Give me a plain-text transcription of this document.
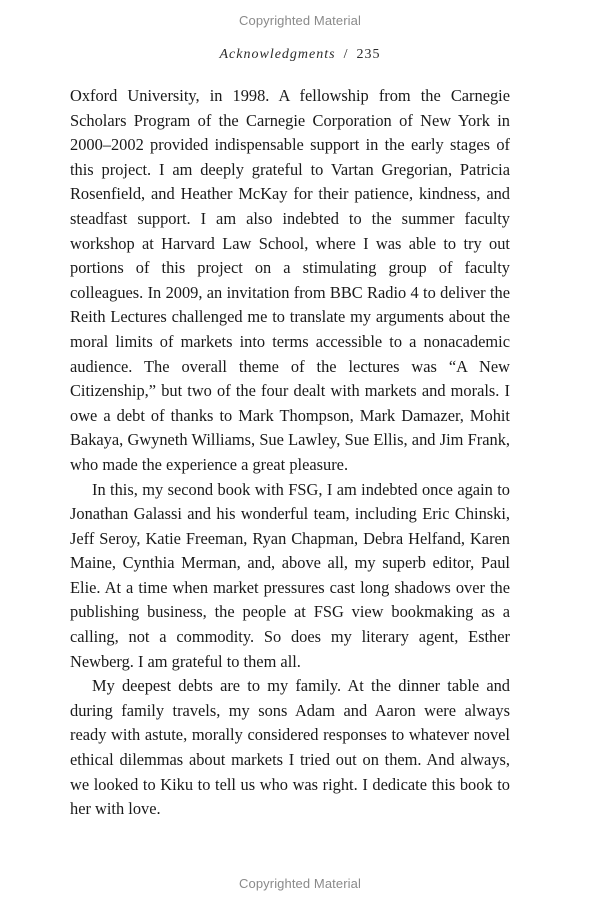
Copyrighted Material
Acknowledgments / 235

Oxford University, in 1998. A fellowship from the Carnegie Scholars Program of the Carnegie Corporation of New York in 2000–2002 provided indispensable support in the early stages of this project. I am deeply grateful to Vartan Gregorian, Patricia Rosenfield, and Heather McKay for their patience, kindness, and steadfast support. I am also indebted to the summer faculty workshop at Harvard Law School, where I was able to try out portions of this project on a stimulating group of faculty colleagues. In 2009, an invitation from BBC Radio 4 to deliver the Reith Lectures challenged me to translate my arguments about the moral limits of markets into terms accessible to a nonacademic audience. The overall theme of the lectures was “A New Citizenship,” but two of the four dealt with markets and morals. I owe a debt of thanks to Mark Thompson, Mark Damazer, Mohit Bakaya, Gwyneth Williams, Sue Lawley, Sue Ellis, and Jim Frank, who made the experience a great pleasure.

In this, my second book with FSG, I am indebted once again to Jonathan Galassi and his wonderful team, including Eric Chinski, Jeff Seroy, Katie Freeman, Ryan Chapman, Debra Helfand, Karen Maine, Cynthia Merman, and, above all, my superb editor, Paul Elie. At a time when market pressures cast long shadows over the publishing business, the people at FSG view bookmaking as a calling, not a commodity. So does my literary agent, Esther Newberg. I am grateful to them all.

My deepest debts are to my family. At the dinner table and during family travels, my sons Adam and Aaron were always ready with astute, morally considered responses to whatever novel ethical dilemmas about markets I tried out on them. And always, we looked to Kiku to tell us who was right. I dedicate this book to her with love.

Copyrighted Material
